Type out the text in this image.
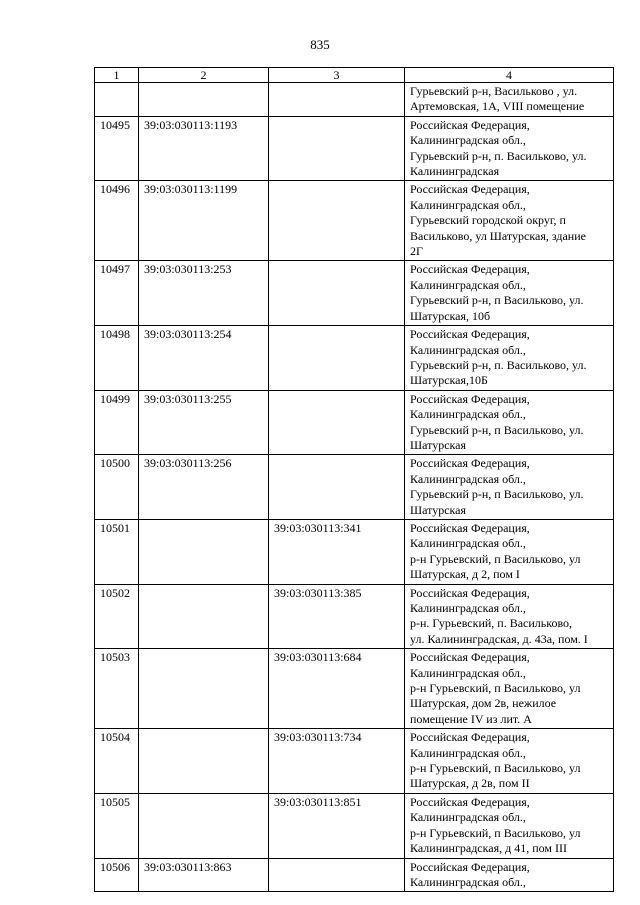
835
1	2	3	4

			Гурьевский р-н, Васильково , ул.
Артемовская, 1А, VIII помещение

10495	39:03:030113:1193		Российская Федерация,
Калининградская обл.,
Гурьевский р-н, п. Васильково, ул.
Калининградская

10496	39:03:030113:1199		Российская Федерация,
Калининградская обл.,
Гурьевский городской округ, п
Васильково, ул Шатурская, здание
2Г

10497	39:03:030113:253		Российская Федерация,
Калининградская обл.,
Гурьевский р-н, п Васильково, ул.
Шатурская, 10б

10498	39:03:030113:254		Российская Федерация,
Калининградская обл.,
Гурьевский р-н, п. Васильково, ул.
Шатурская,10Б

10499	39:03:030113:255		Российская Федерация,
Калининградская обл.,
Гурьевский р-н, п Васильково, ул.
Шатурская

10500	39:03:030113:256		Российская Федерация,
Калининградская обл.,
Гурьевский р-н, п Васильково, ул.
Шатурская

10501		39:03:030113:341	Российская Федерация,
Калининградская обл.,
р-н Гурьевский, п Васильково, ул
Шатурская, д 2, пом I

10502		39:03:030113:385	Российская Федерация,
Калининградская обл.,
р-н. Гурьевский, п. Васильково,
ул. Калининградская, д. 43а, пом. I

10503		39:03:030113:684	Российская Федерация,
Калининградская обл.,
р-н Гурьевский, п Васильково, ул
Шатурская, дом 2в, нежилое
помещение IV из лит. А

10504		39:03:030113:734	Российская Федерация,
Калининградская обл.,
р-н Гурьевский, п Васильково, ул
Шатурская, д 2в, пом II

10505		39:03:030113:851	Российская Федерация,
Калининградская обл.,
р-н Гурьевский, п Васильково, ул
Калининградская, д 41, пом III

10506	39:03:030113:863		Российская Федерация,
Калининградская обл.,
